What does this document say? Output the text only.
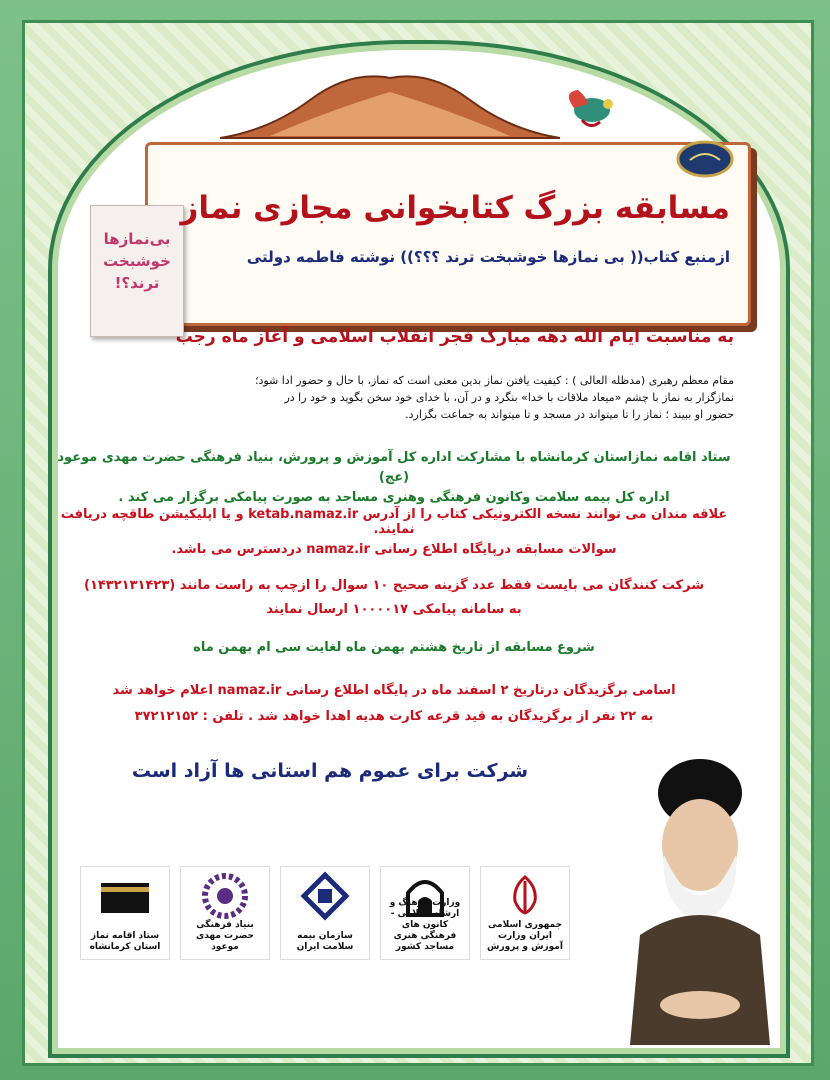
بی‌نمازها خوشبخت ترند؟!
مسابقه بزرگ کتابخوانی مجازی نماز
ازمنبع کتاب(( بی نمازها خوشبخت ترند ؟؟؟)) نوشته فاطمه دولتی
به مناسبت ایام الله دهه مبارک فجر انقلاب اسلامی و آغاز ماه رجب
مقام معظم رهبری (مدظله العالی ) : کیفیت یافتن نماز بدین معنی است که نماز، با حال و حضور ادا شود؛
نمازگزار به نماز با چشم «میعاد ملاقات با خدا» بنگرد و در آن، با خدای خود سخن بگوید و خود را در
حضور او ببیند ؛ نماز را تا میتواند در مسجد و تا میتواند به جماعت بگزارد.
ستاد اقامه نمازاستان کرمانشاه با مشارکت اداره کل آموزش و پرورش، بنیاد فرهنگی حضرت مهدی موعود (عج)
اداره کل بیمه سلامت وکانون فرهنگی وهنری مساجد به صورت پیامکی برگزار می کند .
علاقه مندان می توانند نسخه الکترونیکی کتاب را از آدرس ketab.namaz.ir و یا اپلیکیشن طاقچه دریافت نمایند.
سوالات مسابقه درپایگاه اطلاع رسانی namaz.ir دردسترس می باشد.
شرکت کنندگان می بایست فقط عدد گزینه صحیح ۱۰ سوال را ازچپ به راست مانند (۱۴۳۲۱۳۱۴۲۳)
به سامانه پیامکی ۱۰۰۰۰۱۷ ارسال نمایند
شروع مسابقه از تاریخ هشتم بهمن ماه لغایت سی ام بهمن ماه
اسامی برگزیدگان درتاریخ ۲ اسفند ماه در پایگاه اطلاع رسانی namaz.ir اعلام خواهد شد
به ۲۲ نفر از برگزیدگان به قید قرعه کارت هدیه اهدا خواهد شد . تلفن : ۳۷۲۱۲۱۵۲
شرکت برای عموم هم استانی ها آزاد است
ستاد اقامه نماز استان کرمانشاه
بنیاد فرهنگی حضرت مهدی موعود
سازمان بیمه سلامت ایران
وزارت فرهنگ و ارشاد اسلامی - کانون های فرهنگی هنری مساجد کشور
جمهوری اسلامی ایران وزارت آموزش و پرورش
